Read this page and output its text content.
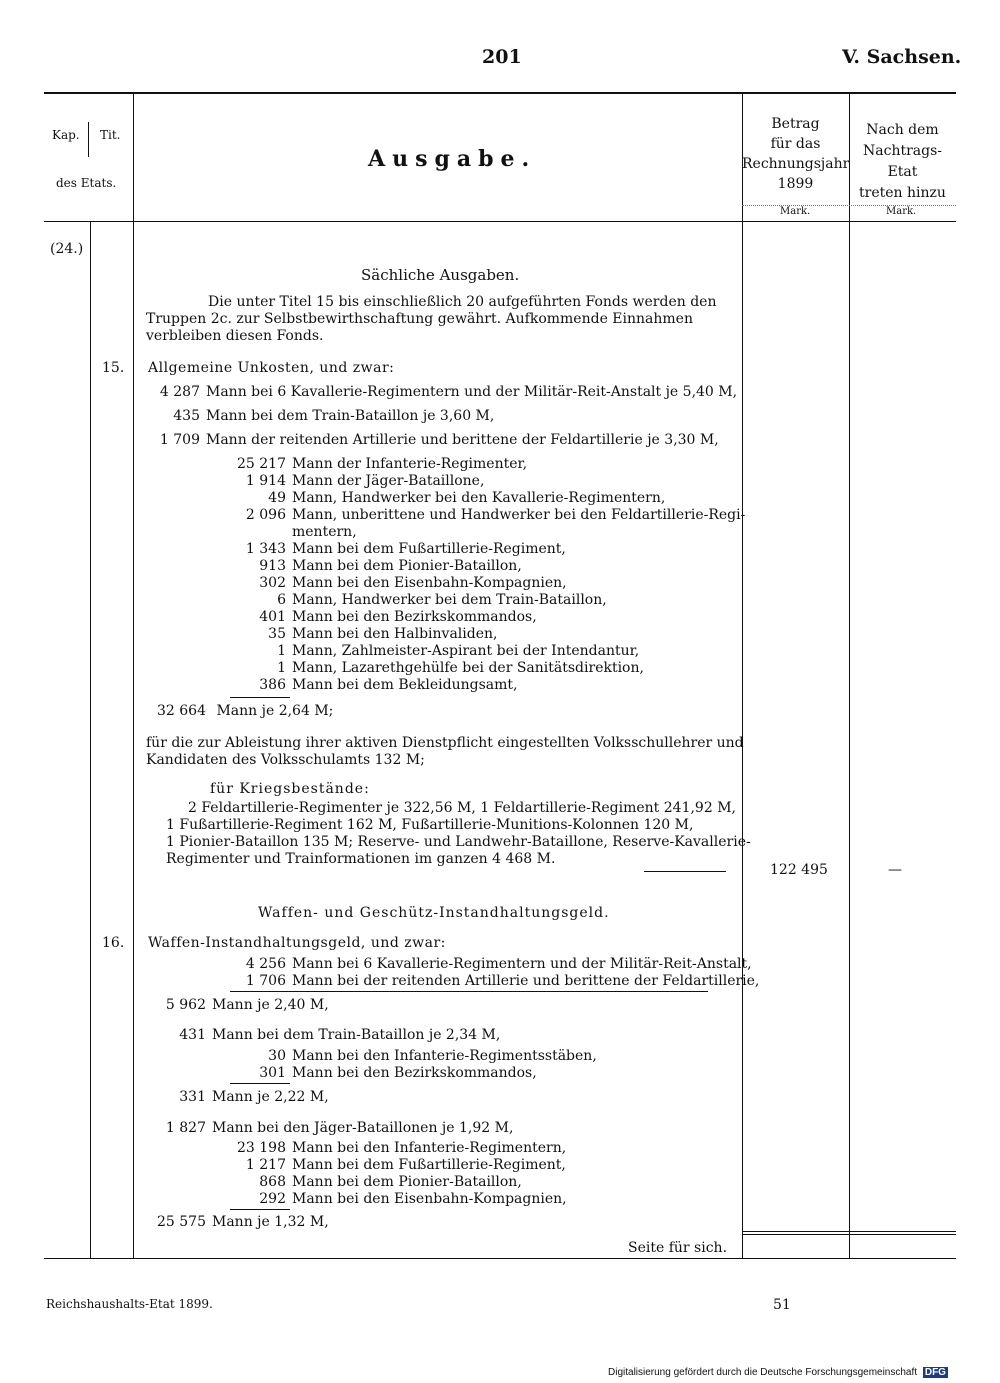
201	V. Sachsen.
Kap. Tit.
des Etats.
Ausgabe.
Betrag
für das
Rechnungsjahr
1899
Nach dem
Nachtrags-Etat
treten hinzu
Mark.	Mark.
(24.)
Sächliche Ausgaben.
Die unter Titel 15 bis einschließlich 20 aufgeführten Fonds werden den
Truppen 2c. zur Selbstbewirthschaftung gewährt. Aufkommende Einnahmen
verbleiben diesen Fonds.
15. Allgemeine Unkosten, und zwar:
4 287 Mann bei 6 Kavallerie-Regimentern und der Militär-Reit-Anstalt je 5,40 M,
435 Mann bei dem Train-Bataillon je 3,60 M,
1 709 Mann der reitenden Artillerie und berittene der Feldartillerie je 3,30 M,
25 217 Mann der Infanterie-Regimenter,
1 914 Mann der Jäger-Bataillone,
49 Mann, Handwerker bei den Kavallerie-Regimentern,
2 096 Mann, unberittene und Handwerker bei den Feldartillerie-Regi-
mentern,
1 343 Mann bei dem Fußartillerie-Regiment,
913 Mann bei dem Pionier-Bataillon,
302 Mann bei den Eisenbahn-Kompagnien,
6 Mann, Handwerker bei dem Train-Bataillon,
401 Mann bei den Bezirkskommandos,
35 Mann bei den Halbinvaliden,
1 Mann, Zahlmeister-Aspirant bei der Intendantur,
1 Mann, Lazarethgehülfe bei der Sanitätsdirektion,
386 Mann bei dem Bekleidungsamt,
32 664 Mann je 2,64 M;
für die zur Ableistung ihrer aktiven Dienstpflicht eingestellten Volksschullehrer und
Kandidaten des Volksschulamts 132 M;
für Kriegsbestände:
2 Feldartillerie-Regimenter je 322,56 M, 1 Feldartillerie-Regiment 241,92 M,
1 Fußartillerie-Regiment 162 M, Fußartillerie-Munitions-Kolonnen 120 M,
1 Pionier-Bataillon 135 M; Reserve- und Landwehr-Bataillone, Reserve-Kavallerie-
Regimenter und Trainformationen im ganzen 4 468 M.
122 495	—
Waffen- und Geschütz-Instandhaltungsgeld.
16. Waffen-Instandhaltungsgeld, und zwar:
4 256 Mann bei 6 Kavallerie-Regimentern und der Militär-Reit-Anstalt,
1 706 Mann bei der reitenden Artillerie und berittene der Feldartillerie,
5 962 Mann je 2,40 M,
431 Mann bei dem Train-Bataillon je 2,34 M,
30 Mann bei den Infanterie-Regimentsstäben,
301 Mann bei den Bezirkskommandos,
331 Mann je 2,22 M,
1 827 Mann bei den Jäger-Bataillonen je 1,92 M,
23 198 Mann bei den Infanterie-Regimentern,
1 217 Mann bei dem Fußartillerie-Regiment,
868 Mann bei dem Pionier-Bataillon,
292 Mann bei den Eisenbahn-Kompagnien,
25 575 Mann je 1,32 M,
Seite für sich.
Reichshaushalts-Etat 1899.	51
Digitalisierung gefördert durch die Deutsche Forschungsgemeinschaft DFG
